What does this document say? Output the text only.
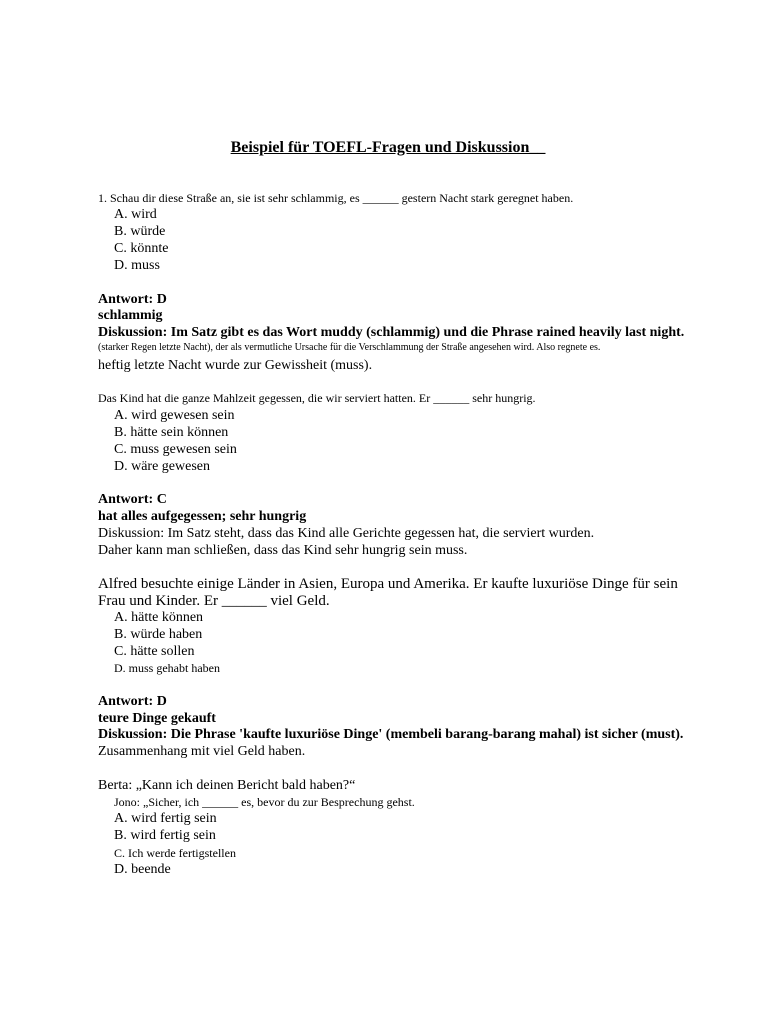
Beispiel für TOEFL-Fragen und Diskussion__
1. Schau dir diese Straße an, sie ist sehr schlammig, es ______ gestern Nacht stark geregnet haben.
A. wird
B. würde
C. könnte
D. muss
Antwort: D
schlammig
Diskussion: Im Satz gibt es das Wort muddy (schlammig) und die Phrase rained heavily last night.
(starker Regen letzte Nacht), der als vermutliche Ursache für die Verschlammung der Straße angesehen wird. Also regnete es.
heftig letzte Nacht wurde zur Gewissheit (muss).
Das Kind hat die ganze Mahlzeit gegessen, die wir serviert hatten. Er ______ sehr hungrig.
A. wird gewesen sein
B. hätte sein können
C. muss gewesen sein
D. wäre gewesen
Antwort: C
hat alles aufgegessen; sehr hungrig
Diskussion: Im Satz steht, dass das Kind alle Gerichte gegessen hat, die serviert wurden.
Daher kann man schließen, dass das Kind sehr hungrig sein muss.
Alfred besuchte einige Länder in Asien, Europa und Amerika. Er kaufte luxuriöse Dinge für sein
Frau und Kinder. Er ______ viel Geld.
A. hätte können
B. würde haben
C. hätte sollen
D. muss gehabt haben
Antwort: D
teure Dinge gekauft
Diskussion: Die Phrase 'kaufte luxuriöse Dinge' (membeli barang-barang mahal) ist sicher (must).
Zusammenhang mit viel Geld haben.
Berta: „Kann ich deinen Bericht bald haben?“
Jono: „Sicher, ich ______ es, bevor du zur Besprechung gehst.
A. wird fertig sein
B. wird fertig sein
C. Ich werde fertigstellen
D. beende
